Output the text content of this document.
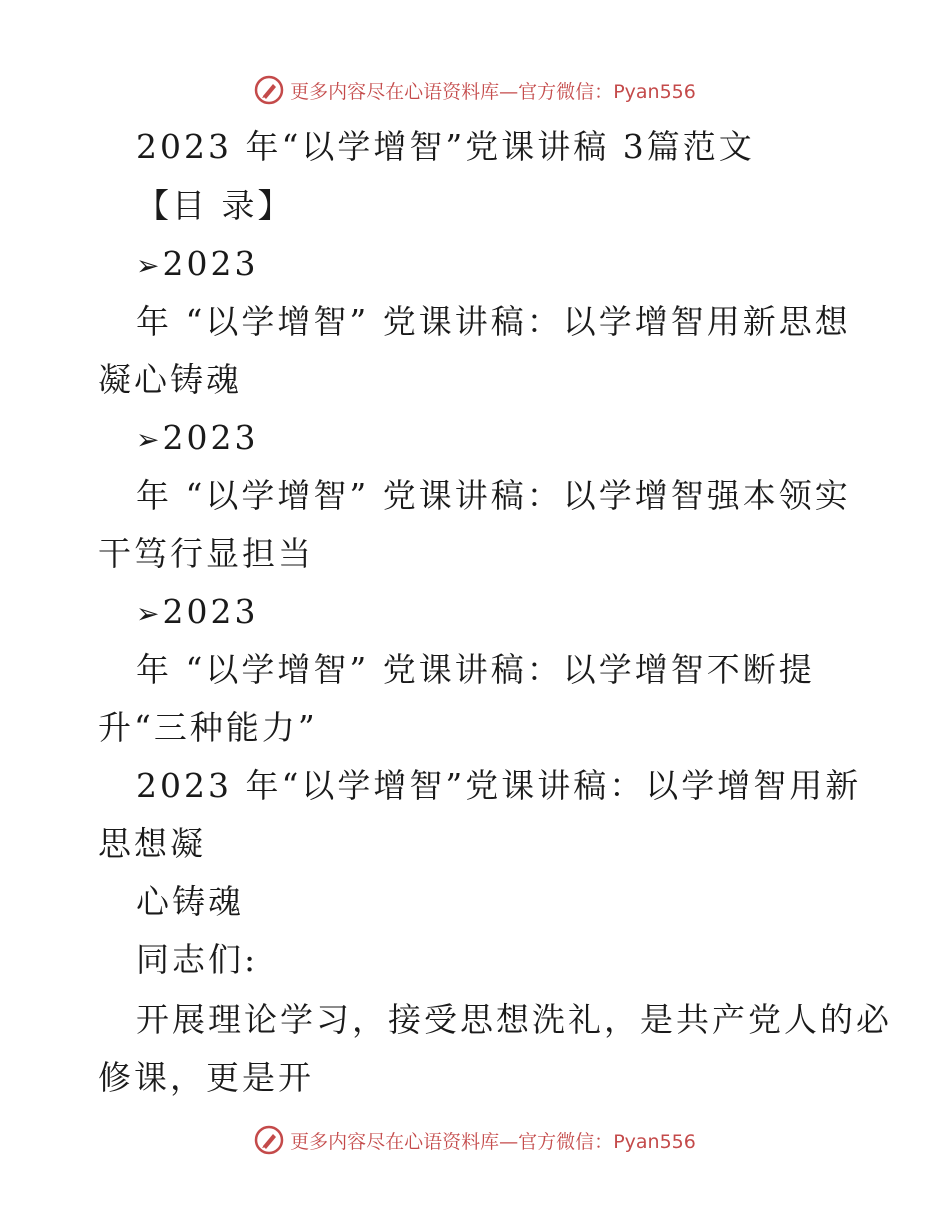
更多内容尽在心语资料库—官方微信：Pyan556
2023 年“以学增智”党课讲稿 3篇范文
【目 录】
➢2023
年 “以学增智” 党课讲稿：以学增智用新思想
凝心铸魂
➢2023
年 “以学增智” 党课讲稿：以学增智强本领实
干笃行显担当
➢2023
年 “以学增智” 党课讲稿：以学增智不断提
升“三种能力”
2023 年“以学增智”党课讲稿：以学增智用新
思想凝
心铸魂
同志们:
开展理论学习，接受思想洗礼，是共产党人的必
修课，更是开
更多内容尽在心语资料库—官方微信：Pyan556
